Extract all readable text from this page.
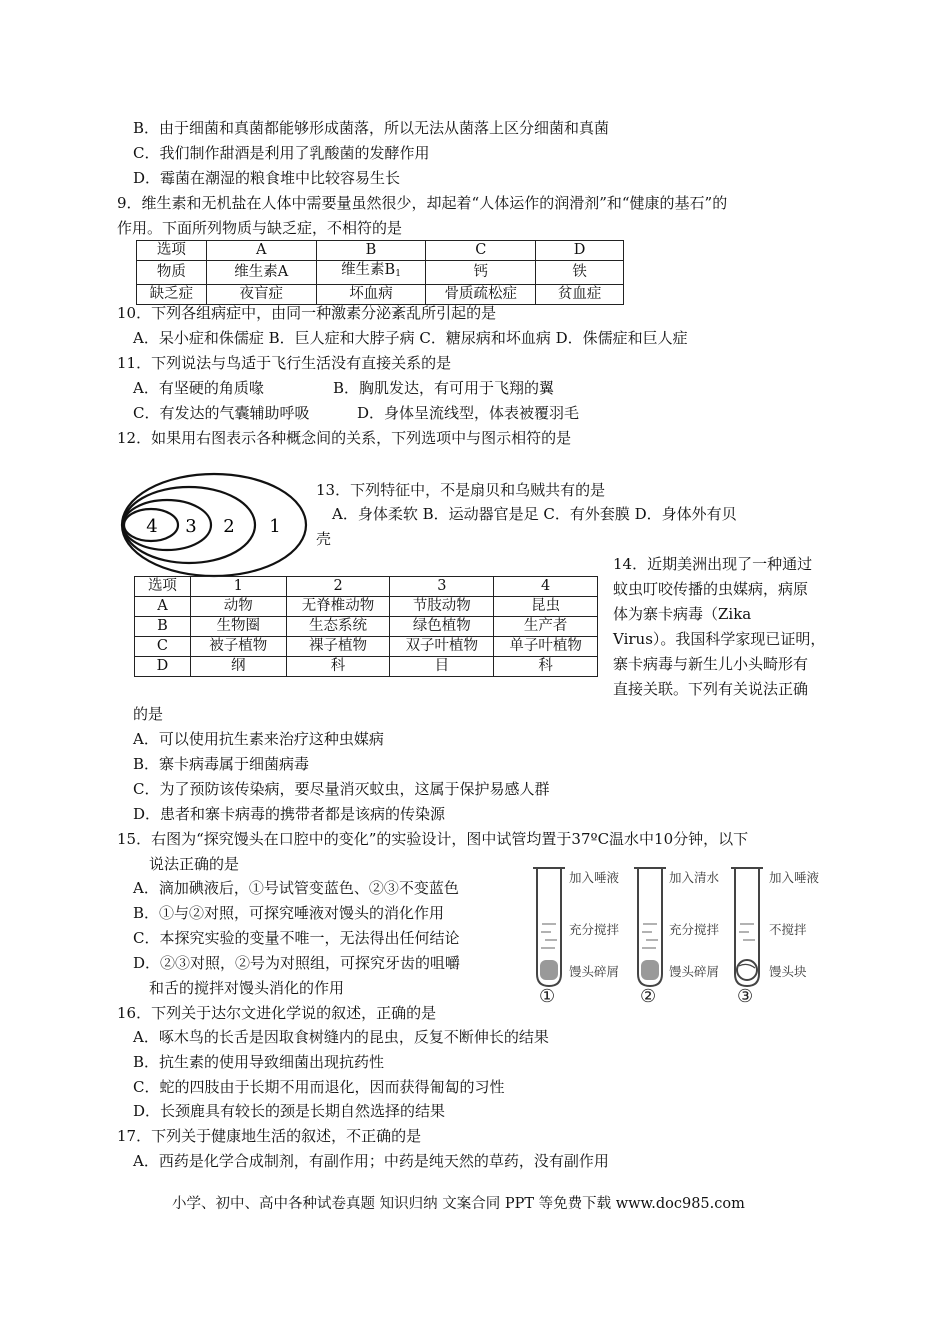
B．由于细菌和真菌都能够形成菌落，所以无法从菌落上区分细菌和真菌
C．我们制作甜酒是利用了乳酸菌的发酵作用
D．霉菌在潮湿的粮食堆中比较容易生长
9．维生素和无机盐在人体中需要量虽然很少，却起着“人体运作的润滑剂”和“健康的基石”的
作用。下面所列物质与缺乏症，不相符的是
选项	A	B	C	D
物质	维生素A	维生素$B_1$	钙	铁
缺乏症	夜盲症	坏血病	骨质疏松症	贫血症
10．下列各组病症中，由同一种激素分泌紊乱所引起的是
A．呆小症和侏儒症 B．巨人症和大脖子病 C．糖尿病和坏血病 D．侏儒症和巨人症
11．下列说法与鸟适于飞行生活没有直接关系的是
A．有坚硬的角质喙	B．胸肌发达，有可用于飞翔的翼
C．有发达的气囊辅助呼吸	D．身体呈流线型，体表被覆羽毛
12．如果用右图表示各种概念间的关系，下列选项中与图示相符的是
4 3 2 1
选项	1	2	3	4
A	动物	无脊椎动物	节肢动物	昆虫
B	生物圈	生态系统	绿色植物	生产者
C	被子植物	裸子植物	双子叶植物	单子叶植物
D	纲	科	目	科
13．下列特征中，不是扇贝和乌贼共有的是
A．身体柔软 B．运动器官是足 C．有外套膜 D．身体外有贝
壳
14．近期美洲出现了一种通过
蚊虫叮咬传播的虫媒病，病原
体为寨卡病毒（Zika
Virus）。我国科学家现已证明，
寨卡病毒与新生儿小头畸形有
直接关联。下列有关说法正确
的是
A．可以使用抗生素来治疗这种虫媒病
B．寨卡病毒属于细菌病毒
C．为了预防该传染病，要尽量消灭蚊虫，这属于保护易感人群
D．患者和寨卡病毒的携带者都是该病的传染源
15．右图为“探究馒头在口腔中的变化”的实验设计，图中试管均置于37ºC温水中10分钟，以下
说法正确的是
A．滴加碘液后，①号试管变蓝色、②③不变蓝色
B．①与②对照，可探究唾液对馒头的消化作用
C．本探究实验的变量不唯一，无法得出任何结论
D．②③对照，②号为对照组，可探究牙齿的咀嚼
和舌的搅拌对馒头消化的作用
加入唾液
充分搅拌
馒头碎屑
①
加入清水
充分搅拌
馒头碎屑
②
加入唾液
不搅拌
馒头块
③
16．下列关于达尔文进化学说的叙述，正确的是
A．啄木鸟的长舌是因取食树缝内的昆虫，反复不断伸长的结果
B．抗生素的使用导致细菌出现抗药性
C．蛇的四肢由于长期不用而退化，因而获得匍匐的习性
D．长颈鹿具有较长的颈是长期自然选择的结果
17．下列关于健康地生活的叙述，不正确的是
A．西药是化学合成制剂，有副作用；中药是纯天然的草药，没有副作用
小学、初中、高中各种试卷真题 知识归纳 文案合同 PPT 等免费下载 www.doc985.com
